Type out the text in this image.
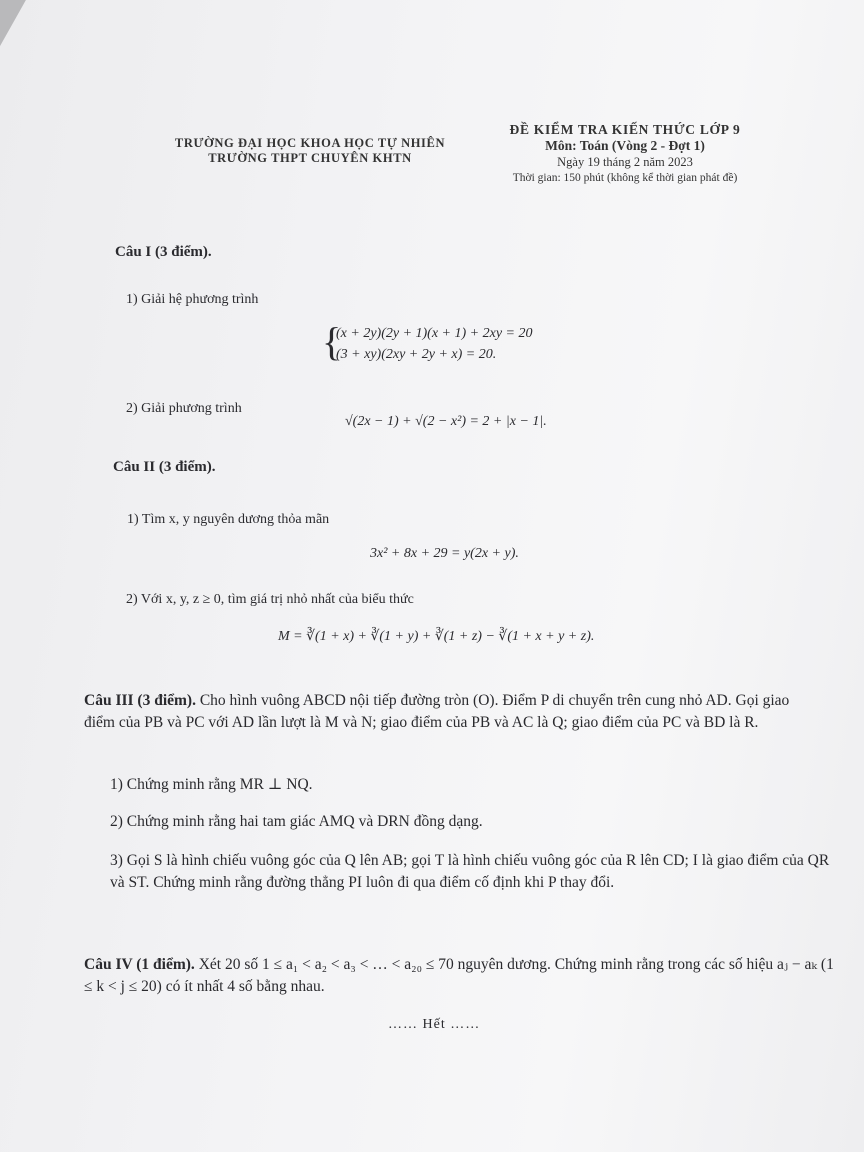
TRƯỜNG ĐẠI HỌC KHOA HỌC TỰ NHIÊN
TRƯỜNG THPT CHUYÊN KHTN
ĐỀ KIỂM TRA KIẾN THỨC LỚP 9
Môn: Toán (Vòng 2 - Đợt 1)
Ngày 19 tháng 2 năm 2023
Thời gian: 150 phút (không kể thời gian phát đề)
Câu I (3 điểm).
1) Giải hệ phương trình
{
(x + 2y)(2y + 1)(x + 1) + 2xy = 20
(3 + xy)(2xy + 2y + x) = 20.
2) Giải phương trình
√(2x − 1) + √(2 − x²) = 2 + |x − 1|.
Câu II (3 điểm).
1) Tìm x, y nguyên dương thỏa mãn
3x² + 8x + 29 = y(2x + y).
2) Với x, y, z ≥ 0, tìm giá trị nhỏ nhất của biểu thức
M = ∛(1 + x) + ∛(1 + y) + ∛(1 + z) − ∛(1 + x + y + z).
Câu III (3 điểm). Cho hình vuông ABCD nội tiếp đường tròn (O). Điểm P di chuyển trên cung nhỏ AD. Gọi giao điểm của PB và PC với AD lần lượt là M và N; giao điểm của PB và AC là Q; giao điểm của PC và BD là R.
1) Chứng minh rằng MR ⊥ NQ.
2) Chứng minh rằng hai tam giác AMQ và DRN đồng dạng.
3) Gọi S là hình chiếu vuông góc của Q lên AB; gọi T là hình chiếu vuông góc của R lên CD; I là giao điểm của QR và ST. Chứng minh rằng đường thẳng PI luôn đi qua điểm cố định khi P thay đổi.
Câu IV (1 điểm). Xét 20 số 1 ≤ a₁ < a₂ < a₃ < … < a₂₀ ≤ 70 nguyên dương. Chứng minh rằng trong các số hiệu aⱼ − aₖ (1 ≤ k < j ≤ 20) có ít nhất 4 số bằng nhau.
…… Hết ……
